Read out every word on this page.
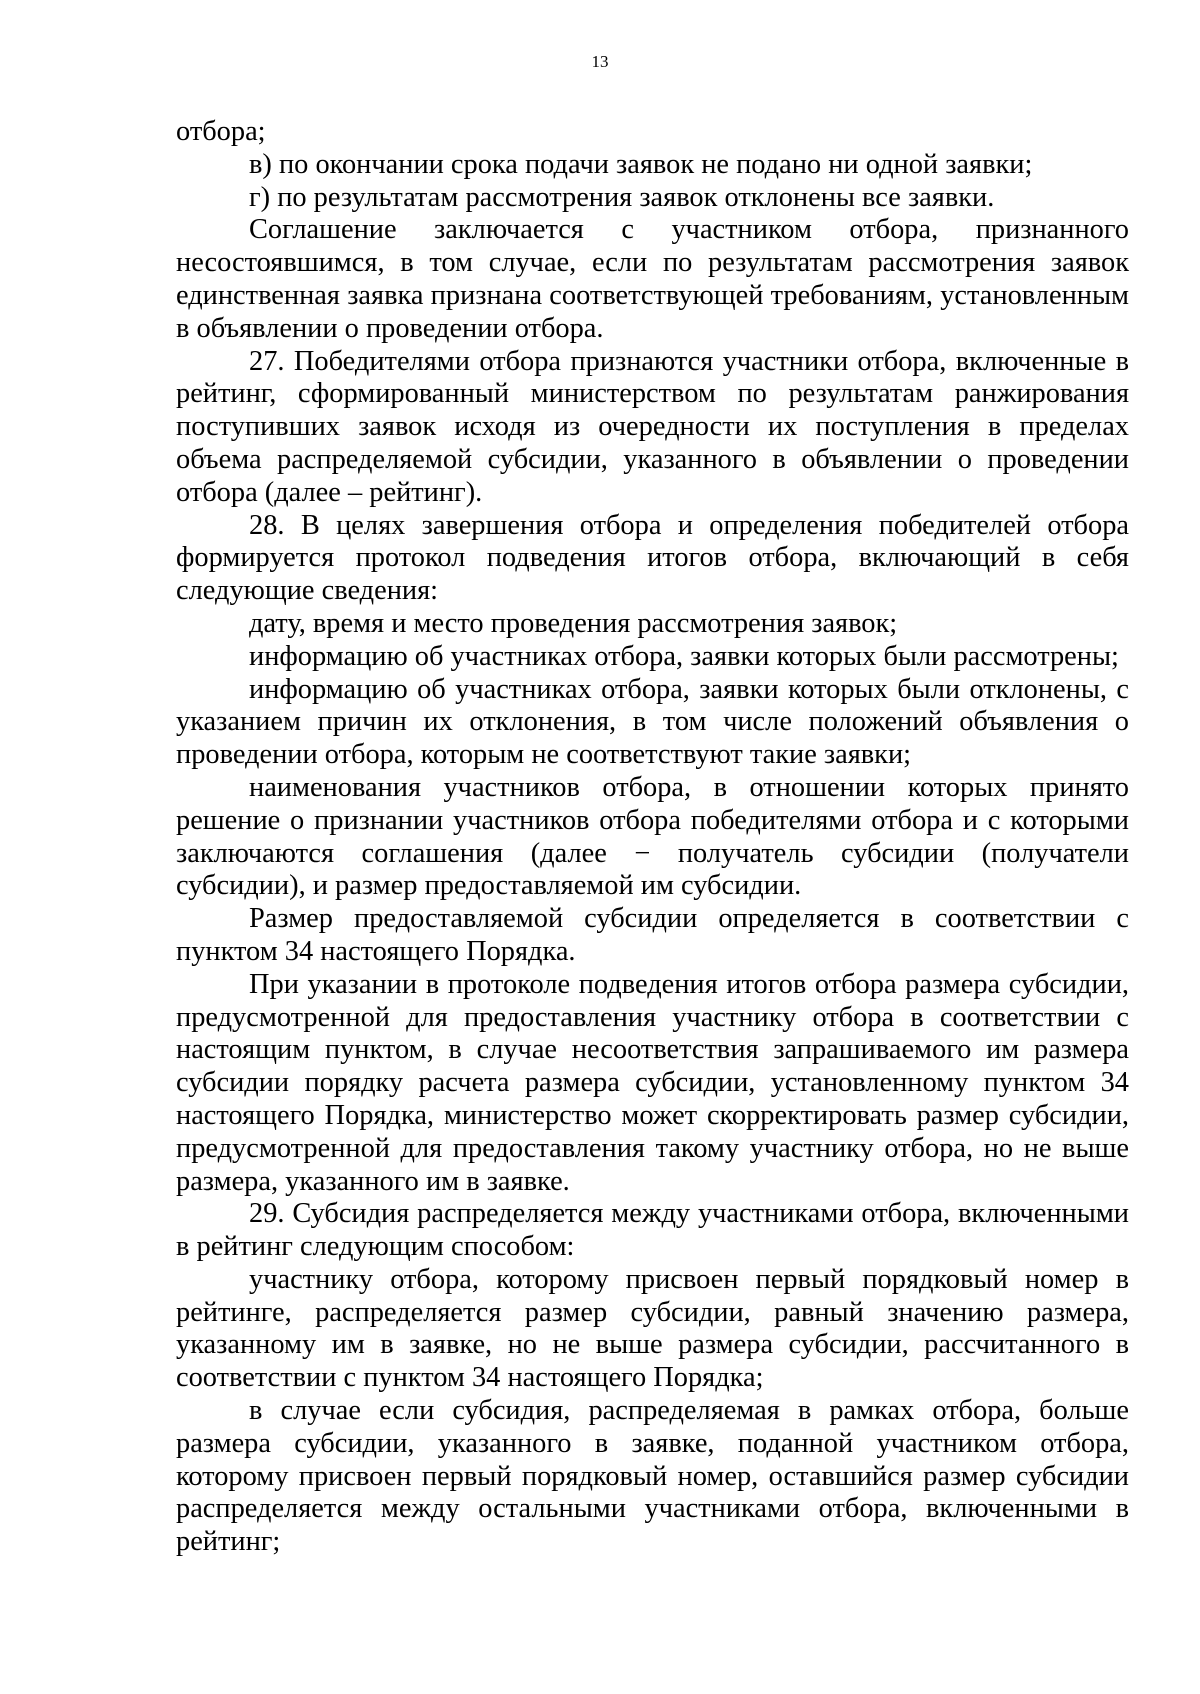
13

отбора;

в) по окончании срока подачи заявок не подано ни одной заявки;

г) по результатам рассмотрения заявок отклонены все заявки.

Соглашение заключается с участником отбора, признанного несостоявшимся, в том случае, если по результатам рассмотрения заявок единственная заявка признана соответствующей требованиям, установленным в объявлении о проведении отбора.

27. Победителями отбора признаются участники отбора, включенные в рейтинг, сформированный министерством по результатам ранжирования поступивших заявок исходя из очередности их поступления в пределах объема распределяемой субсидии, указанного в объявлении о проведении отбора (далее – рейтинг).

28. В целях завершения отбора и определения победителей отбора формируется протокол подведения итогов отбора, включающий в себя следующие сведения:

дату, время и место проведения рассмотрения заявок;

информацию об участниках отбора, заявки которых были рассмотрены;

информацию об участниках отбора, заявки которых были отклонены, с указанием причин их отклонения, в том числе положений объявления о проведении отбора, которым не соответствуют такие заявки;

наименования участников отбора, в отношении которых принято решение о признании участников отбора победителями отбора и с которыми заключаются соглашения (далее − получатель субсидии (получатели субсидии), и размер предоставляемой им субсидии.

Размер предоставляемой субсидии определяется в соответствии с пунктом 34 настоящего Порядка.

При указании в протоколе подведения итогов отбора размера субсидии, предусмотренной для предоставления участнику отбора в соответствии с настоящим пунктом, в случае несоответствия запрашиваемого им размера субсидии порядку расчета размера субсидии, установленному пунктом 34 настоящего Порядка, министерство может скорректировать размер субсидии, предусмотренной для предоставления такому участнику отбора, но не выше размера, указанного им в заявке.

29. Субсидия распределяется между участниками отбора, включенными в рейтинг следующим способом:

участнику отбора, которому присвоен первый порядковый номер в рейтинге, распределяется размер субсидии, равный значению размера, указанному им в заявке, но не выше размера субсидии, рассчитанного в соответствии с пунктом 34 настоящего Порядка;

в случае если субсидия, распределяемая в рамках отбора, больше размера субсидии, указанного в заявке, поданной участником отбора, которому присвоен первый порядковый номер, оставшийся размер субсидии распределяется между остальными участниками отбора, включенными в рейтинг;
